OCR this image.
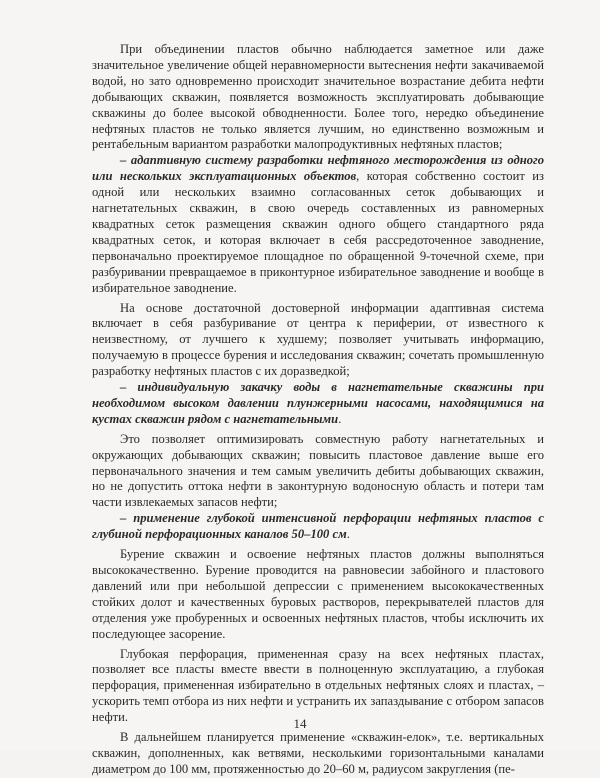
При объединении пластов обычно наблюдается заметное или даже значительное увеличение общей неравномерности вытеснения нефти закачиваемой водой, но зато одновременно происходит значительное возрастание дебита нефти добывающих скважин, появляется возможность эксплуатировать добывающие скважины до более высокой обводненности. Более того, нередко объединение нефтяных пластов не только является лучшим, но единственно возможным и рентабельным вариантом разработки малопродуктивных нефтяных пластов;

– адаптивную систему разработки нефтяного месторождения из одного или нескольких эксплуатационных объектов, которая собственно состоит из одной или нескольких взаимно согласованных сеток добывающих и нагнетательных скважин, в свою очередь составленных из равномерных квадратных сеток размещения скважин одного общего стандартного ряда квадратных сеток, и которая включает в себя рассредоточенное заводнение, первоначально проектируемое площадное по обращенной 9-точечной схеме, при разбуривании превращаемое в приконтурное избирательное заводнение и вообще в избирательное заводнение.

На основе достаточной достоверной информации адаптивная система включает в себя разбуривание от центра к периферии, от известного к неизвестному, от лучшего к худшему; позволяет учитывать информацию, получаемую в процессе бурения и исследования скважин; сочетать промышленную разработку нефтяных пластов с их доразведкой;

– индивидуальную закачку воды в нагнетательные скважины при необходимом высоком давлении плунжерными насосами, находящимися на кустах скважин рядом с нагнетательными.

Это позволяет оптимизировать совместную работу нагнетательных и окружающих добывающих скважин; повысить пластовое давление выше его первоначального значения и тем самым увеличить дебиты добывающих скважин, но не допустить оттока нефти в законтурную водоносную область и потери там части извлекаемых запасов нефти;

– применение глубокой интенсивной перфорации нефтяных пластов с глубиной перфорационных каналов 50–100 см.

Бурение скважин и освоение нефтяных пластов должны выполняться высококачественно. Бурение проводится на равновесии забойного и пластового давлений или при небольшой депрессии с применением высококачественных стойких долот и качественных буровых растворов, перекрывателей пластов для отделения уже пробуренных и освоенных нефтяных пластов, чтобы исключить их последующее засорение.

Глубокая перфорация, примененная сразу на всех нефтяных пластах, позволяет все пласты вместе ввести в полноценную эксплуатацию, а глубокая перфорация, примененная избирательно в отдельных нефтяных слоях и пластах, – ускорить темп отбора из них нефти и устранить их запаздывание с отбором запасов нефти.

В дальнейшем планируется применение «скважин-елок», т.е. вертикальных скважин, дополненных, как ветвями, несколькими горизонтальными каналами диаметром до 100 мм, протяженностью до 20–60 м, радиусом закругления (пе-

14
